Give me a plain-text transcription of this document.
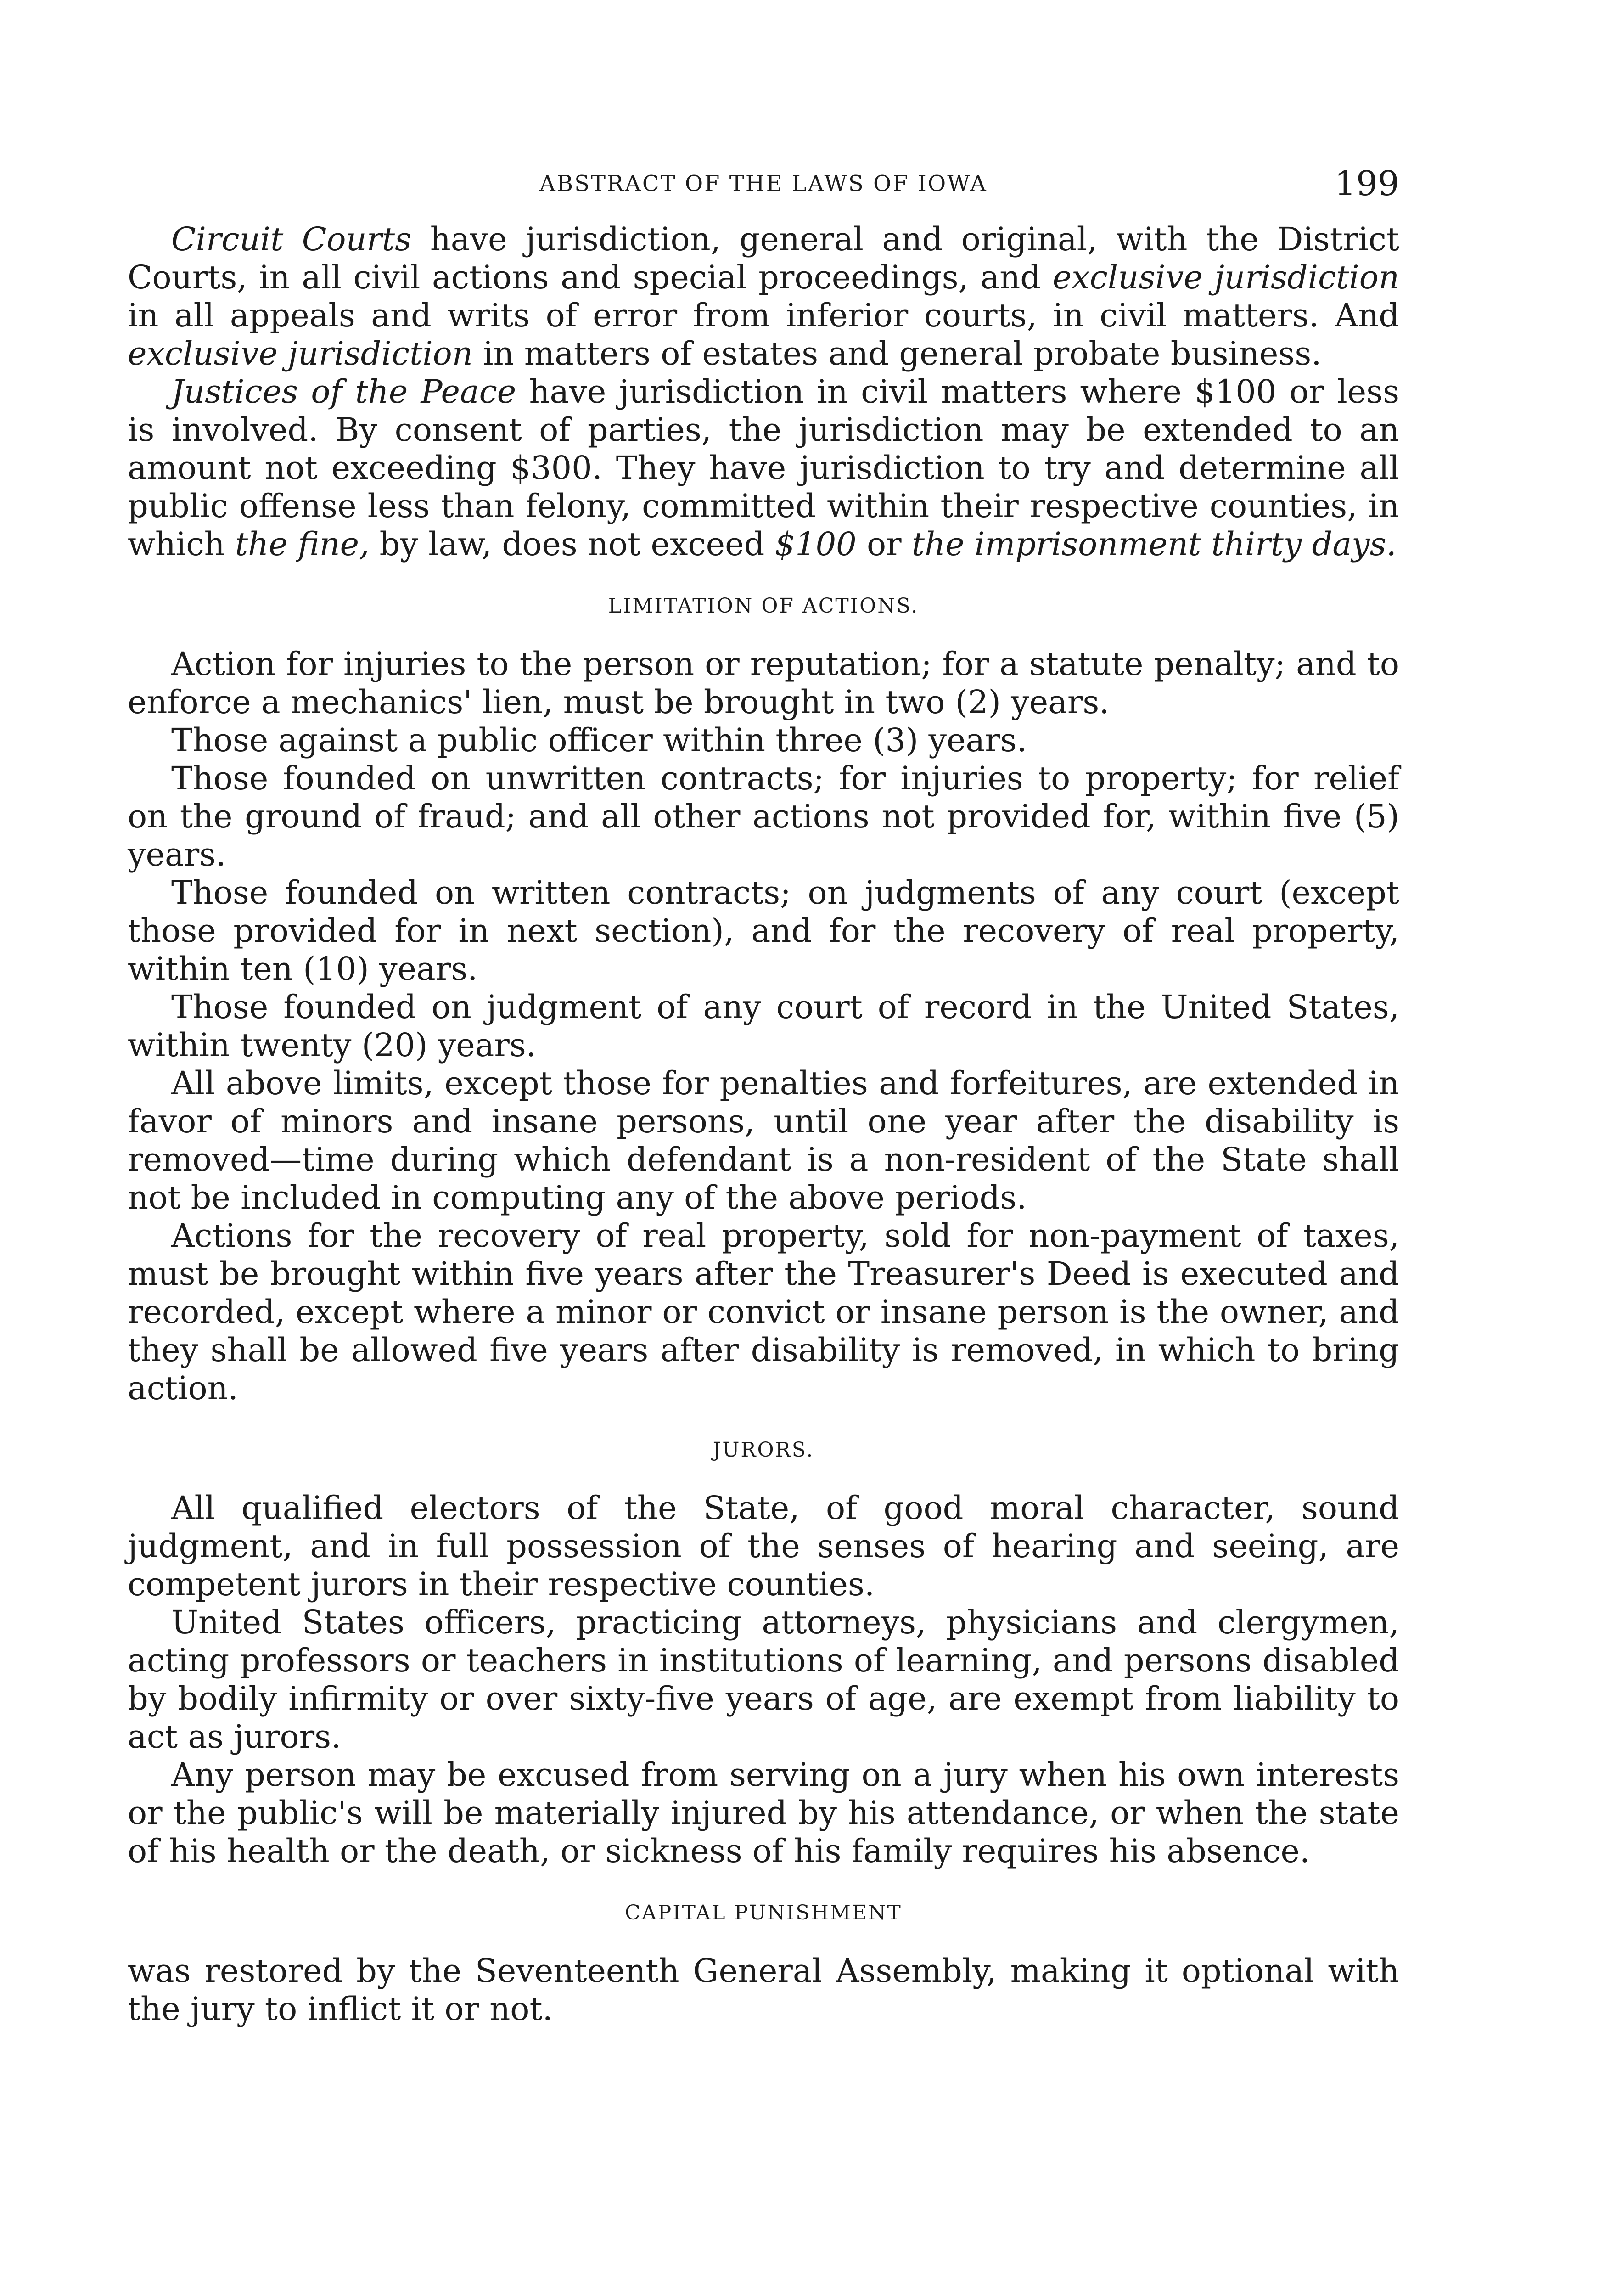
ABSTRACT OF THE LAWS OF IOWA	199

Circuit Courts have jurisdiction, general and original, with the District Courts, in all civil actions and special proceedings, and exclusive jurisdiction in all appeals and writs of error from inferior courts, in civil matters. And exclusive jurisdiction in matters of estates and general probate business.

Justices of the Peace have jurisdiction in civil matters where $100 or less is involved. By consent of parties, the jurisdiction may be extended to an amount not exceeding $300. They have jurisdiction to try and determine all public offense less than felony, committed within their respective counties, in which the fine, by law, does not exceed $100 or the imprisonment thirty days.

LIMITATION OF ACTIONS.

Action for injuries to the person or reputation; for a statute penalty; and to enforce a mechanics' lien, must be brought in two (2) years.

Those against a public officer within three (3) years.

Those founded on unwritten contracts; for injuries to property; for relief on the ground of fraud; and all other actions not provided for, within five (5) years.

Those founded on written contracts; on judgments of any court (except those provided for in next section), and for the recovery of real property, within ten (10) years.

Those founded on judgment of any court of record in the United States, within twenty (20) years.

All above limits, except those for penalties and forfeitures, are extended in favor of minors and insane persons, until one year after the disability is removed—time during which defendant is a non-resident of the State shall not be included in computing any of the above periods.

Actions for the recovery of real property, sold for non-payment of taxes, must be brought within five years after the Treasurer's Deed is executed and recorded, except where a minor or convict or insane person is the owner, and they shall be allowed five years after disability is removed, in which to bring action.

JURORS.

All qualified electors of the State, of good moral character, sound judgment, and in full possession of the senses of hearing and seeing, are competent jurors in their respective counties.

United States officers, practicing attorneys, physicians and clergymen, acting professors or teachers in institutions of learning, and persons disabled by bodily infirmity or over sixty-five years of age, are exempt from liability to act as jurors.

Any person may be excused from serving on a jury when his own interests or the public's will be materially injured by his attendance, or when the state of his health or the death, or sickness of his family requires his absence.

CAPITAL PUNISHMENT

was restored by the Seventeenth General Assembly, making it optional with the jury to inflict it or not.
